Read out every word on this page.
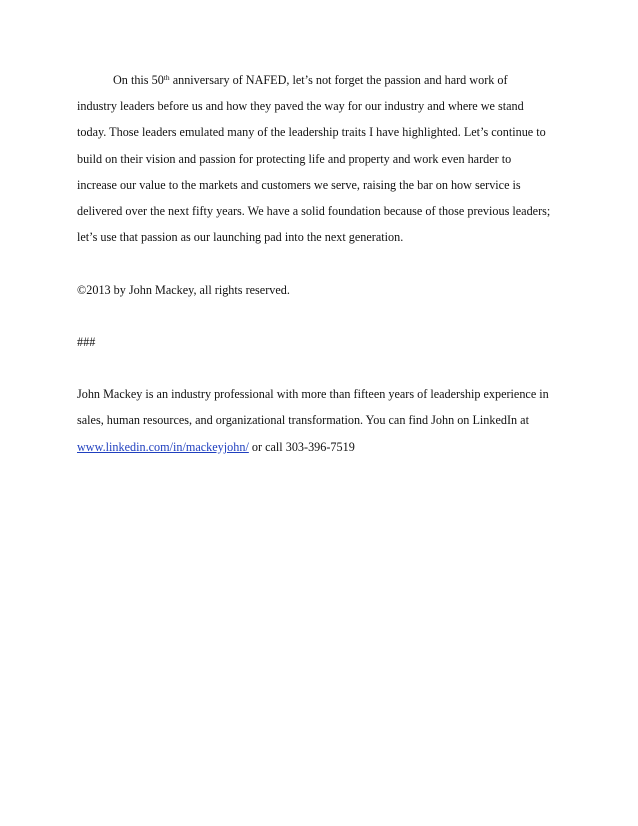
On this 50th anniversary of NAFED, let’s not forget the passion and hard work of
industry leaders before us and how they paved the way for our industry and where we stand
today. Those leaders emulated many of the leadership traits I have highlighted. Let’s continue to
build on their vision and passion for protecting life and property and work even harder to
increase our value to the markets and customers we serve, raising the bar on how service is
delivered over the next fifty years. We have a solid foundation because of those previous leaders;
let’s use that passion as our launching pad into the next generation.
©2013 by John Mackey, all rights reserved.
###
John Mackey is an industry professional with more than fifteen years of leadership experience in
sales, human resources, and organizational transformation. You can find John on LinkedIn at
www.linkedin.com/in/mackeyjohn/ or call 303-396-7519
